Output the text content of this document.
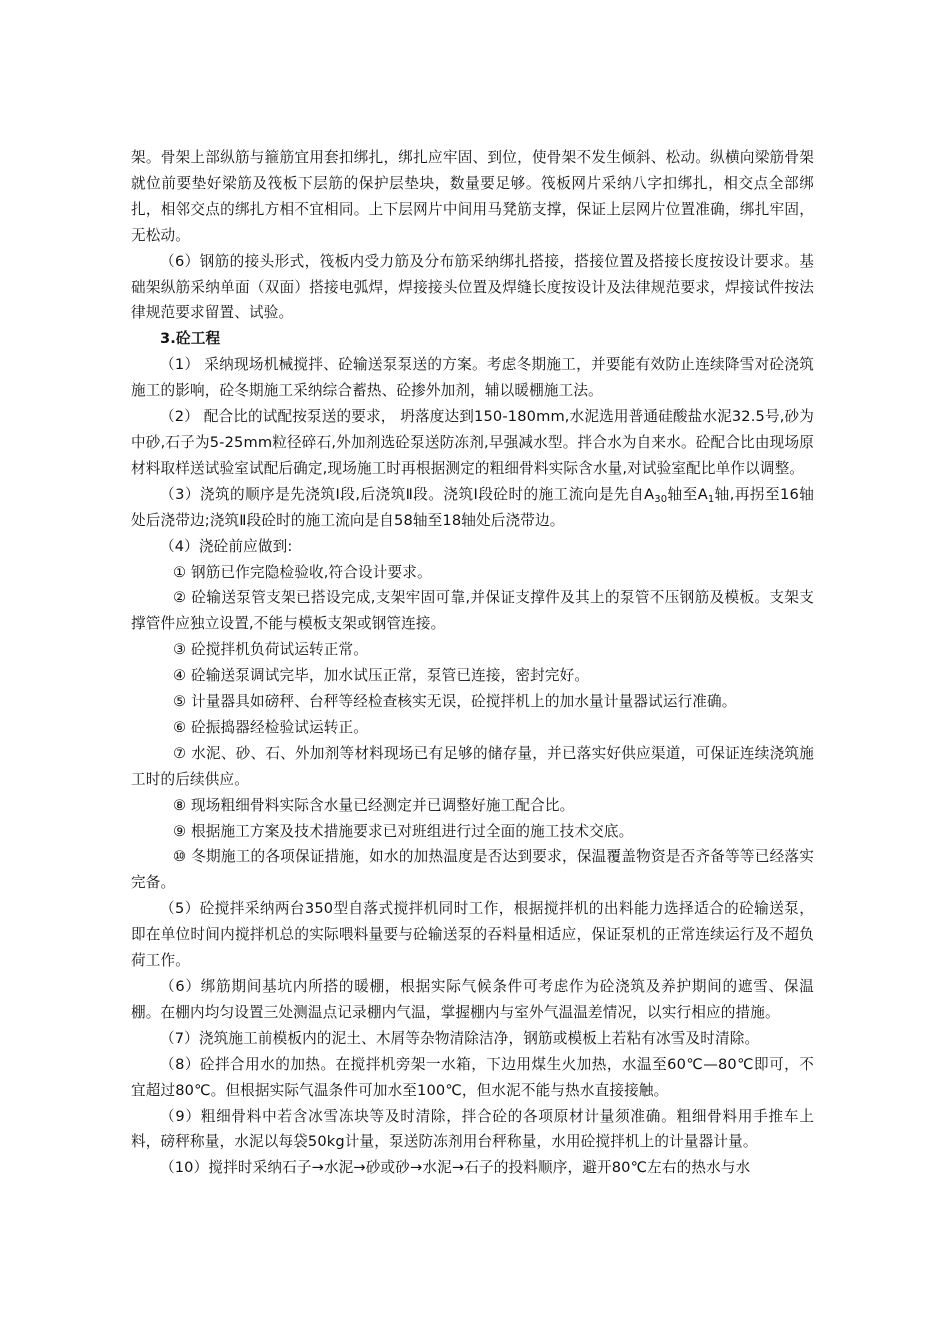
架。骨架上部纵筋与箍筋宜用套扣绑扎，绑扎应牢固、到位，使骨架不发生倾斜、松动。纵横向梁筋骨架就位前要垫好梁筋及筏板下层筋的保护层垫块，数量要足够。筏板网片采纳八字扣绑扎，相交点全部绑扎，相邻交点的绑扎方相不宜相同。上下层网片中间用马凳筋支撑，保证上层网片位置准确，绑扎牢固，无松动。

（6）钢筋的接头形式，筏板内受力筋及分布筋采纳绑扎搭接，搭接位置及搭接长度按设计要求。基础架纵筋采纳单面（双面）搭接电弧焊，焊接接头位置及焊缝长度按设计及法律规范要求，焊接试件按法律规范要求留置、试验。

3.砼工程

（1） 采纳现场机械搅拌、砼输送泵泵送的方案。考虑冬期施工，并要能有效防止连续降雪对砼浇筑施工的影响，砼冬期施工采纳综合蓄热、砼掺外加剂，辅以暖棚施工法。

（2） 配合比的试配按泵送的要求， 坍落度达到150-180mm,水泥选用普通硅酸盐水泥32.5号,砂为中砂,石子为5-25mm粒径碎石,外加剂选砼泵送防冻剂,早强减水型。拌合水为自来水。砼配合比由现场原材料取样送试验室试配后确定,现场施工时再根据测定的粗细骨料实际含水量,对试验室配比单作以调整。

（3）浇筑的顺序是先浇筑Ⅰ段,后浇筑Ⅱ段。浇筑Ⅰ段砼时的施工流向是先自$A_{30}$轴至$A_1$轴,再拐至16轴处后浇带边;浇筑Ⅱ段砼时的施工流向是自58轴至18轴处后浇带边。

（4）浇砼前应做到:

① 钢筋已作完隐检验收,符合设计要求。

② 砼输送泵管支架已搭设完成,支架牢固可靠,并保证支撑件及其上的泵管不压钢筋及模板。支架支撑管件应独立设置,不能与模板支架或钢管连接。

③ 砼搅拌机负荷试运转正常。

④ 砼输送泵调试完毕，加水试压正常，泵管已连接，密封完好。

⑤ 计量器具如磅秤、台秤等经检查核实无误，砼搅拌机上的加水量计量器试运行准确。

⑥ 砼振捣器经检验试运转正。

⑦ 水泥、砂、石、外加剂等材料现场已有足够的储存量，并已落实好供应渠道，可保证连续浇筑施工时的后续供应。

⑧ 现场粗细骨料实际含水量已经测定并已调整好施工配合比。

⑨ 根据施工方案及技术措施要求已对班组进行过全面的施工技术交底。

⑩ 冬期施工的各项保证措施，如水的加热温度是否达到要求，保温覆盖物资是否齐备等等已经落实完备。

（5）砼搅拌采纳两台350型自落式搅拌机同时工作，根据搅拌机的出料能力选择适合的砼输送泵，即在单位时间内搅拌机总的实际喂料量要与砼输送泵的吞料量相适应，保证泵机的正常连续运行及不超负荷工作。

（6）绑筋期间基坑内所搭的暖棚，根据实际气候条件可考虑作为砼浇筑及养护期间的遮雪、保温棚。在棚内均匀设置三处测温点记录棚内气温，掌握棚内与室外气温温差情况，以实行相应的措施。

（7）浇筑施工前模板内的泥土、木屑等杂物清除洁净，钢筋或模板上若粘有冰雪及时清除。

（8）砼拌合用水的加热。在搅拌机旁架一水箱，下边用煤生火加热，水温至60℃—80℃即可，不宜超过80℃。但根据实际气温条件可加水至100℃，但水泥不能与热水直接接触。

（9）粗细骨料中若含冰雪冻块等及时清除，拌合砼的各项原材计量须准确。粗细骨料用手推车上料，磅秤称量，水泥以每袋50kg计量，泵送防冻剂用台秤称量，水用砼搅拌机上的计量器计量。

（10）搅拌时采纳石子→水泥→砂或砂→水泥→石子的投料顺序，避开80℃左右的热水与水
